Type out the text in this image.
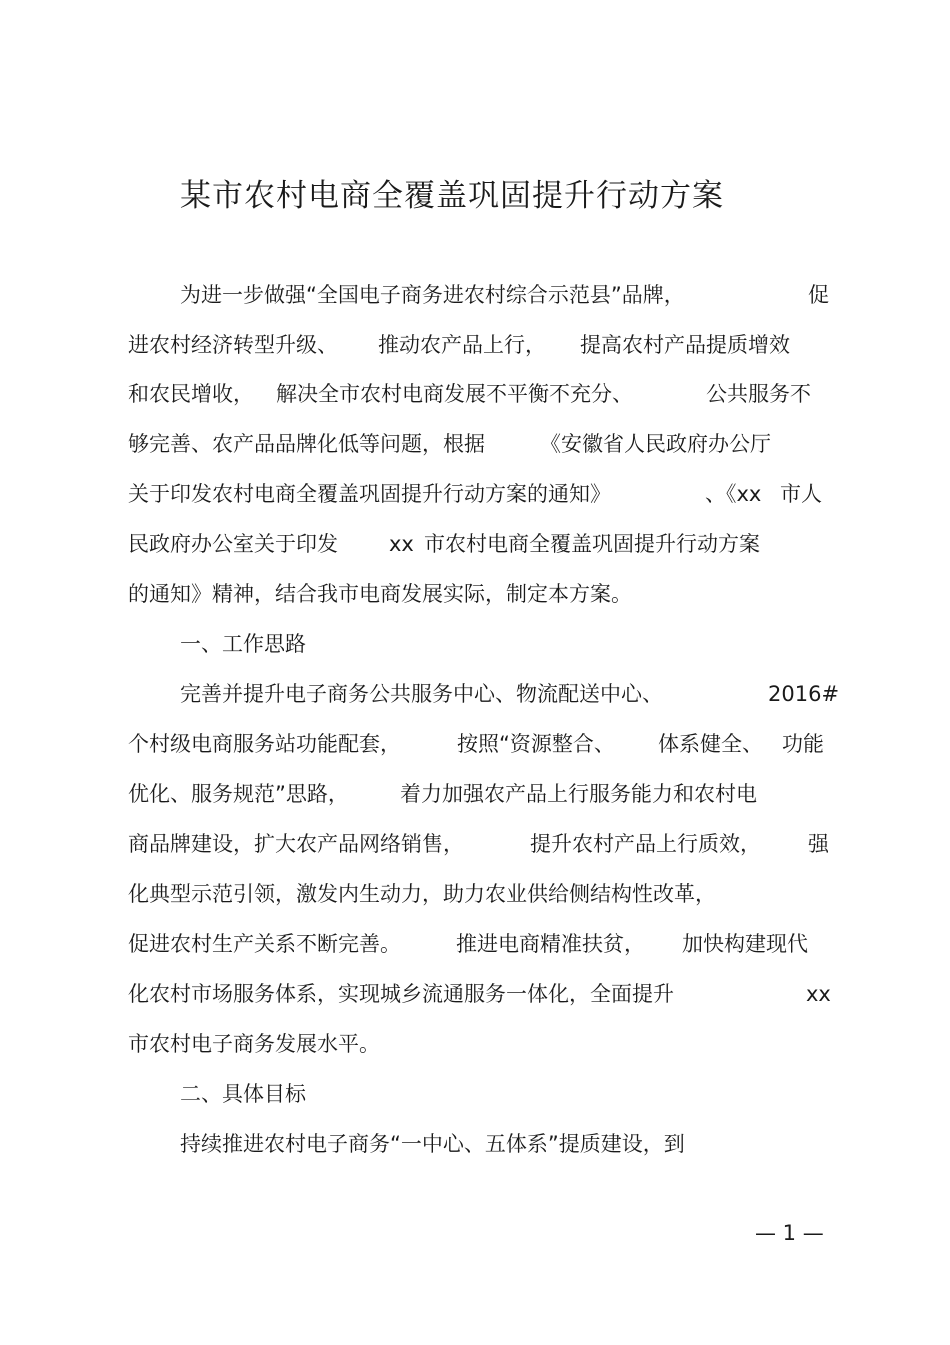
某市农村电商全覆盖巩固提升行动方案
为进一步做强“全国电子商务进农村综合示范县”品牌，	促
进农村经济转型升级、 推动农产品上行， 提高农村产品提质增效
和农民增收， 解决全市农村电商发展不平衡不充分、	公共服务不
够完善、农产品品牌化低等问题，根据	《安徽省人民政府办公厅
关于印发农村电商全覆盖巩固提升行动方案的通知》	、《xx 市人
民政府办公室关于印发 xx 市农村电商全覆盖巩固提升行动方案
的通知》精神，结合我市电商发展实际，制定本方案。
一、工作思路
完善并提升电子商务公共服务中心、物流配送中心、	2016#
个村级电商服务站功能配套，	按照“资源整合、 体系健全、 功能
优化、服务规范”思路， 着力加强农产品上行服务能力和农村电
商品牌建设，扩大农产品网络销售，	提升农村产品上行质效， 强
化典型示范引领，激发内生动力，助力农业供给侧结构性改革，
促进农村生产关系不断完善。	推进电商精准扶贫， 加快构建现代
化农村市场服务体系，实现城乡流通服务一体化，全面提升	xx
市农村电子商务发展水平。
二、具体目标
持续推进农村电子商务“一中心、五体系”提质建设，到
— 1 —
